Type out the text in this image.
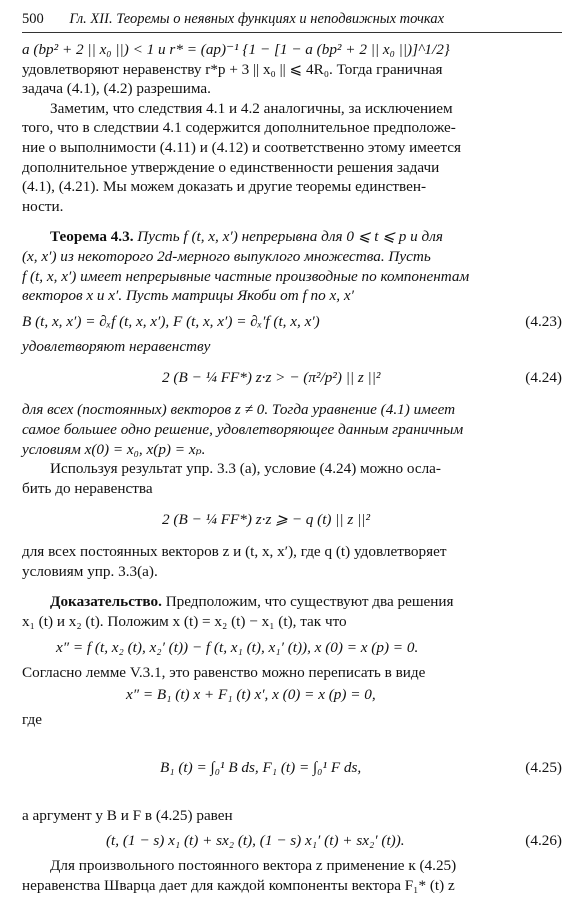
500 Гл. XII. Теоремы о неявных функциях и неподвижных точках

a (bp² + 2 || x₀ ||) < 1 и r* = (ap)⁻¹ {1 − [1 − a (bp² + 2 || x₀ ||)]^1/2}

удовлетворяют неравенству r*p + 3 || x₀ || ⩽ 4R₀. Тогда граничная

задача (4.1), (4.2) разрешима.

Заметим, что следствия 4.1 и 4.2 аналогичны, за исключением

того, что в следствии 4.1 содержится дополнительное предположе-

ние о выполнимости (4.11) и (4.12) и соответственно этому имеется

дополнительное утверждение о единственности решения задачи

(4.1), (4.21). Мы можем доказать и другие теоремы единствен-

ности.

Теорема 4.3. Пусть f (t, x, x′) непрерывна для 0 ⩽ t ⩽ p и для

(x, x′) из некоторого 2d-мерного выпуклого множества. Пусть

f (t, x, x′) имеет непрерывные частные производные по компонентам

векторов x и x′. Пусть матрицы Якоби от f по x, x′

B (t, x, x′) = ∂ₓf (t, x, x′), F (t, x, x′) = ∂ₓ′f (t, x, x′)	(4.23)

удовлетворяют неравенству

2 (B − ¼ FF*) z·z > − (π²/p²) || z ||²	(4.24)

для всех (постоянных) векторов z ≠ 0. Тогда уравнение (4.1) имеет

самое большее одно решение, удовлетворяющее данным граничным

условиям x(0) = x₀, x(p) = xₚ.

Используя результат упр. 3.3 (a), условие (4.24) можно осла-

бить до неравенства

2 (B − ¼ FF*) z·z ⩾ − q (t) || z ||²

для всех постоянных векторов z и (t, x, x′), где q (t) удовлетворяет

условиям упр. 3.3(a).

Доказательство. Предположим, что существуют два решения

x₁ (t) и x₂ (t). Положим x (t) = x₂ (t) − x₁ (t), так что

x″ = f (t, x₂ (t), x₂′ (t)) − f (t, x₁ (t), x₁′ (t)), x (0) = x (p) = 0.

Согласно лемме V.3.1, это равенство можно переписать в виде

x″ = B₁ (t) x + F₁ (t) x′, x (0) = x (p) = 0,

где

B₁ (t) = ∫₀¹ B ds, F₁ (t) = ∫₀¹ F ds,	(4.25)

а аргумент у B и F в (4.25) равен

(t, (1 − s) x₁ (t) + sx₂ (t), (1 − s) x₁′ (t) + sx₂′ (t)).	(4.26)

Для произвольного постоянного вектора z применение к (4.25)

неравенства Шварца дает для каждой компоненты вектора F₁* (t) z
